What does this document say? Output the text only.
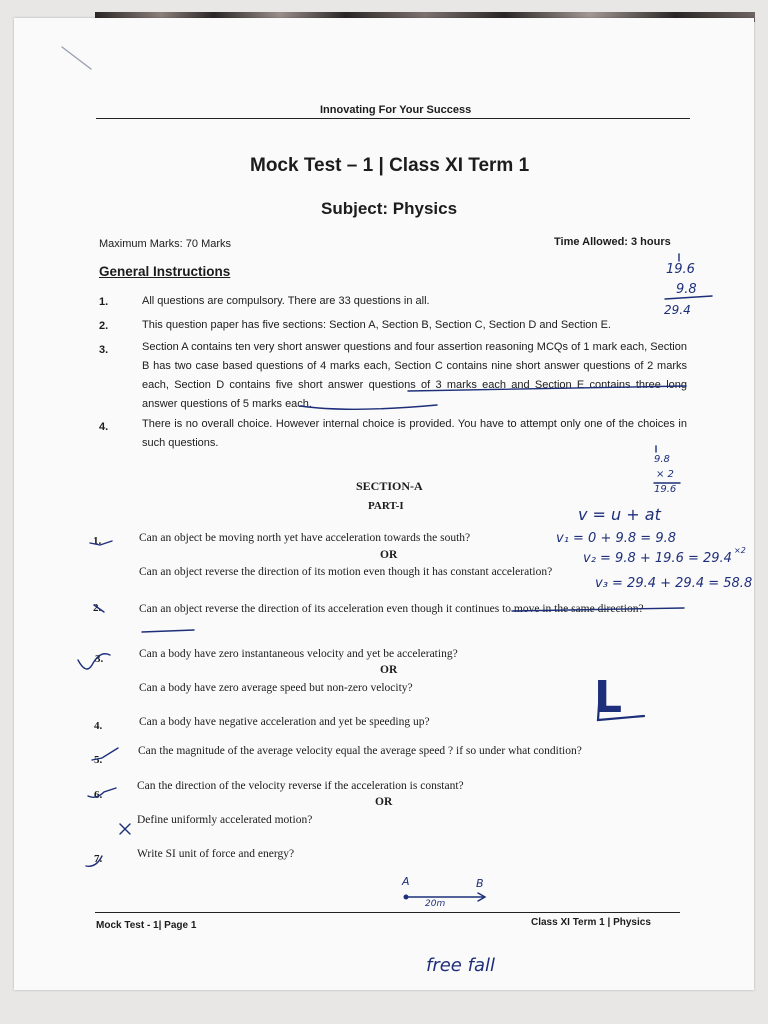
Innovating For Your Success
Mock Test – 1 | Class XI Term 1
Subject: Physics
Maximum Marks: 70 Marks	Time Allowed: 3 hours
General Instructions
1.	All questions are compulsory. There are 33 questions in all.
2.	This question paper has five sections: Section A, Section B, Section C, Section D and Section E.
3.	Section A contains ten very short answer questions and four assertion reasoning MCQs of 1 mark each, Section B has two case based questions of 4 marks each, Section C contains nine short answer questions of 2 marks each, Section D contains five short answer questions of 3 marks each and Section E contains three long answer questions of 5 marks each.
4.	There is no overall choice. However internal choice is provided. You have to attempt only one of the choices in such questions.
SECTION-A
PART-I
1.	Can an object be moving north yet have acceleration towards the south?
OR
Can an object reverse the direction of its motion even though it has constant acceleration?
2.	Can an object reverse the direction of its acceleration even though it continues to move in the same direction?
3.	Can a body have zero instantaneous velocity and yet be accelerating?
OR
Can a body have zero average speed but non-zero velocity?
4.	Can a body have negative acceleration and yet be speeding up?
5.
Can the magnitude of the average velocity equal the average speed ? if so under what condition?
6.
Can the direction of the velocity reverse if the acceleration is constant?
OR
Define uniformly accelerated motion?
7.	Write SI unit of force and energy?
Mock Test - 1| Page 1	Class XI Term 1 | Physics
19.6
9.8
29.4
9.8
× 2
19.6
v = u + at
v₁ = 0 + 9.8 = 9.8
×2
v₂ = 9.8 + 19.6 = 29.4
v₃ = 29.4 + 29.4 = 58.8
L
A	B
20m
free fall
